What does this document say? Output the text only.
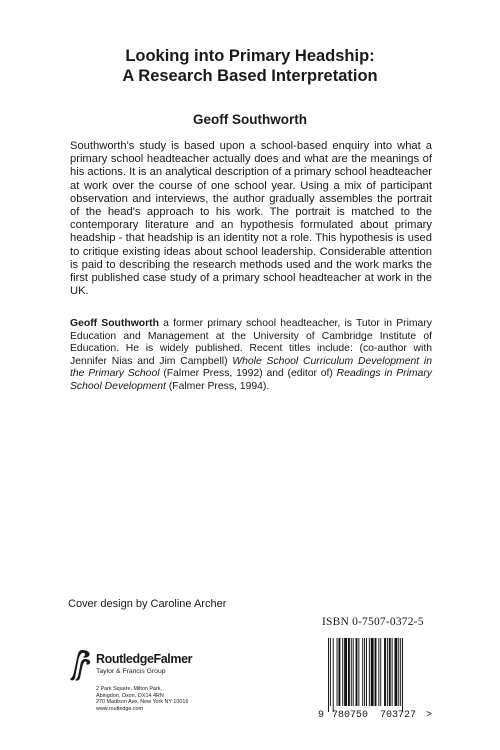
Looking into Primary Headship:
A Research Based Interpretation
Geoff Southworth

Southworth's study is based upon a school-based enquiry into what a primary school headteacher actually does and what are the meanings of his actions. It is an analytical description of a primary school headteacher at work over the course of one school year. Using a mix of participant observation and interviews, the author gradually assembles the portrait of the head's approach to his work. The portrait is matched to the contemporary literature and an hypothesis formulated about primary headship - that headship is an identity not a role. This hypothesis is used to critique existing ideas about school leadership. Considerable attention is paid to describing the research methods used and the work marks the first published case study of a primary school headteacher at work in the UK.

Geoff Southworth a former primary school headteacher, is Tutor in Primary Education and Management at the University of Cambridge Institute of Education. He is widely published. Recent titles include: (co-author with Jennifer Nias and Jim Campbell) Whole School Curriculum Development in the Primary School (Falmer Press, 1992) and (editor of) Readings in Primary School Development (Falmer Press, 1994).

Cover design by Caroline Archer
ISBN 0-7507-0372-5
RoutledgeFalmer
Taylor & Francis Group
2 Park Square, Milton Park,
Abingdon, Oxon, OX14 4RN
270 Madison Ave, New York NY 10016
www.routledge.com
9 780750 703727 >
